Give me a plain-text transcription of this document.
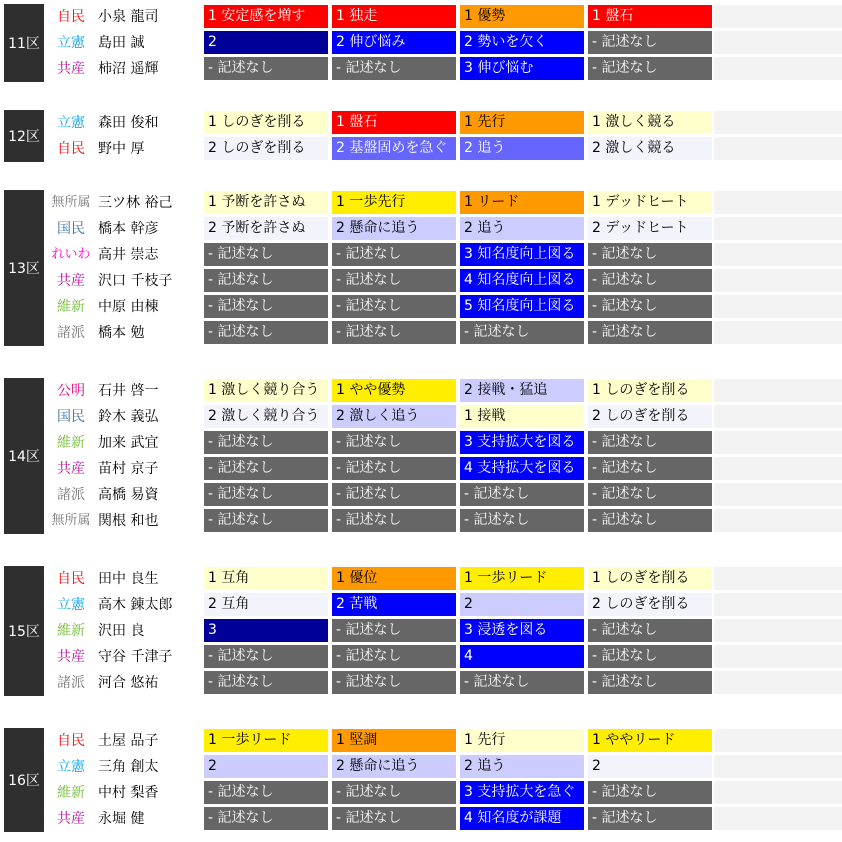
11区
自民 小泉 龍司	1 安定感を増す	1 独走	1 優勢	1 盤石
立憲 島田 誠	2	2 伸び悩み	2 勢いを欠く	- 記述なし
共産 柿沼 遥輝	- 記述なし	- 記述なし	3 伸び悩む	- 記述なし
12区
立憲 森田 俊和	1 しのぎを削る	1 盤石	1 先行	1 激しく競る
自民 野中 厚	2 しのぎを削る	2 基盤固めを急ぐ	2 追う	2 激しく競る
13区
無所属 三ツ林 裕己	1 予断を許さぬ	1 一歩先行	1 リード	1 デッドヒート
国民 橋本 幹彦	2 予断を許さぬ	2 懸命に追う	2 追う	2 デッドヒート
れいわ 高井 崇志	- 記述なし	- 記述なし	3 知名度向上図る	- 記述なし
共産 沢口 千枝子	- 記述なし	- 記述なし	4 知名度向上図る	- 記述なし
維新 中原 由棟	- 記述なし	- 記述なし	5 知名度向上図る	- 記述なし
諸派 橋本 勉	- 記述なし	- 記述なし	- 記述なし	- 記述なし
14区
公明 石井 啓一	1 激しく競り合う	1 やや優勢	2 接戦・猛追	1 しのぎを削る
国民 鈴木 義弘	2 激しく競り合う	2 激しく追う	1 接戦	2 しのぎを削る
維新 加来 武宜	- 記述なし	- 記述なし	3 支持拡大を図る	- 記述なし
共産 苗村 京子	- 記述なし	- 記述なし	4 支持拡大を図る	- 記述なし
諸派 高橋 易資	- 記述なし	- 記述なし	- 記述なし	- 記述なし
無所属 関根 和也	- 記述なし	- 記述なし	- 記述なし	- 記述なし
15区
自民 田中 良生	1 互角	1 優位	1 一歩リード	1 しのぎを削る
立憲 高木 錬太郎	2 互角	2 苦戦	2	2 しのぎを削る
維新 沢田 良	3	- 記述なし	3 浸透を図る	- 記述なし
共産 守谷 千津子	- 記述なし	- 記述なし	4	- 記述なし
諸派 河合 悠祐	- 記述なし	- 記述なし	- 記述なし	- 記述なし
16区
自民 土屋 品子	1 一歩リード	1 堅調	1 先行	1 ややリード
立憲 三角 創太	2	2 懸命に追う	2 追う	2
維新 中村 梨香	- 記述なし	- 記述なし	3 支持拡大を急ぐ	- 記述なし
共産 永堀 健	- 記述なし	- 記述なし	4 知名度が課題	- 記述なし
